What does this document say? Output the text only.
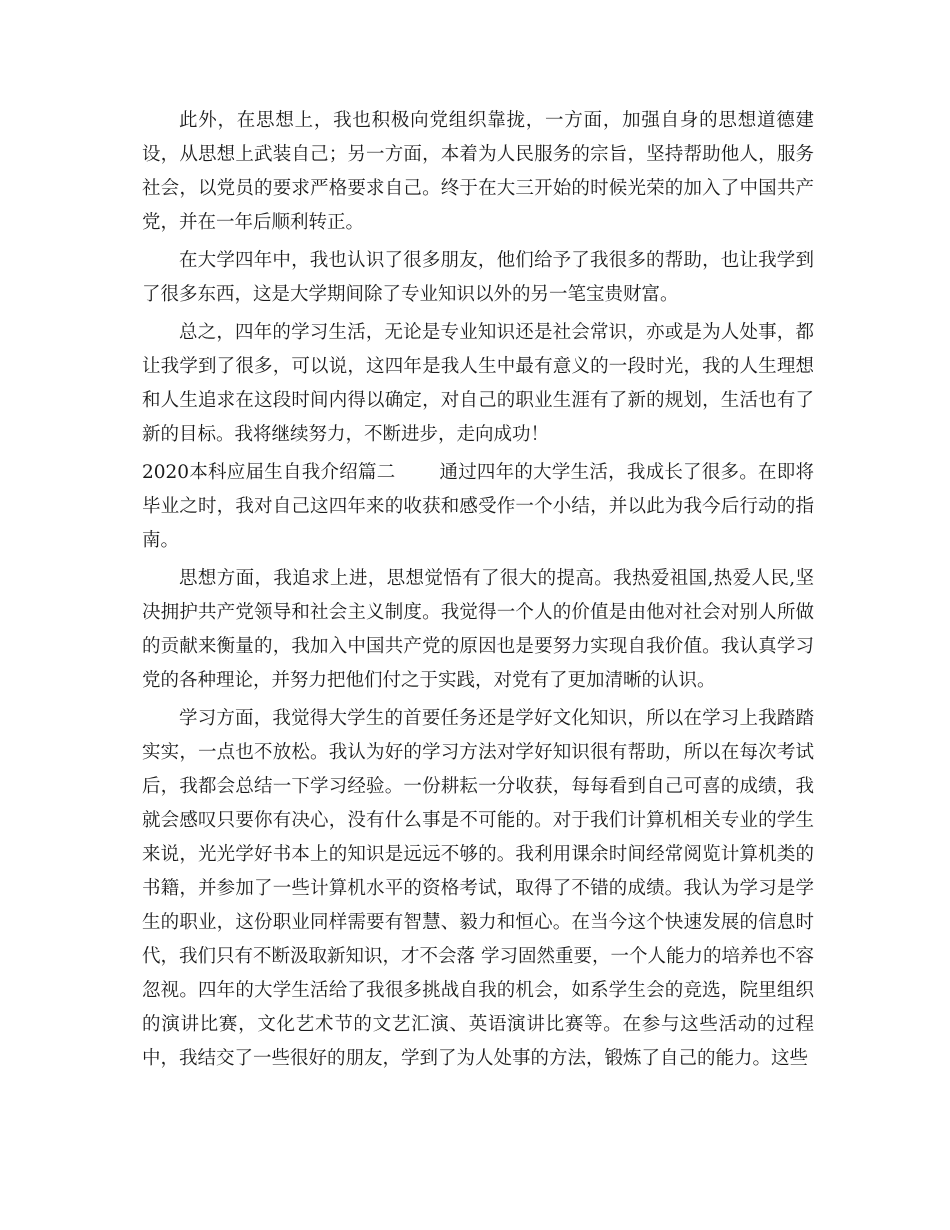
此外，在思想上，我也积极向党组织靠拢，一方面，加强自身的思想道德建设，从思想上武装自己；另一方面，本着为人民服务的宗旨，坚持帮助他人，服务社会，以党员的要求严格要求自己。终于在大三开始的时候光荣的加入了中国共产党，并在一年后顺利转正。

在大学四年中，我也认识了很多朋友，他们给予了我很多的帮助，也让我学到了很多东西，这是大学期间除了专业知识以外的另一笔宝贵财富。

总之，四年的学习生活，无论是专业知识还是社会常识，亦或是为人处事，都让我学到了很多，可以说，这四年是我人生中最有意义的一段时光，我的人生理想和人生追求在这段时间内得以确定，对自己的职业生涯有了新的规划，生活也有了新的目标。我将继续努力，不断进步，走向成功！

2020本科应届生自我介绍篇二 通过四年的大学生活，我成长了很多。在即将毕业之时，我对自己这四年来的收获和感受作一个小结，并以此为我今后行动的指南。

思想方面，我追求上进，思想觉悟有了很大的提高。我热爱祖国,热爱人民,坚决拥护共产党领导和社会主义制度。我觉得一个人的价值是由他对社会对别人所做的贡献来衡量的，我加入中国共产党的原因也是要努力实现自我价值。我认真学习党的各种理论，并努力把他们付之于实践，对党有了更加清晰的认识。

学习方面，我觉得大学生的首要任务还是学好文化知识，所以在学习上我踏踏实实，一点也不放松。我认为好的学习方法对学好知识很有帮助，所以在每次考试后，我都会总结一下学习经验。一份耕耘一分收获，每每看到自己可喜的成绩，我就会感叹只要你有决心，没有什么事是不可能的。对于我们计算机相关专业的学生来说，光光学好书本上的知识是远远不够的。我利用课余时间经常阅览计算机类的书籍，并参加了一些计算机水平的资格考试，取得了不错的成绩。我认为学习是学生的职业，这份职业同样需要有智慧、毅力和恒心。在当今这个快速发展的信息时代，我们只有不断汲取新知识，才不会落 学习固然重要，一个人能力的培养也不容忽视。四年的大学生活给了我很多挑战自我的机会，如系学生会的竞选，院里组织的演讲比赛，文化艺术节的文艺汇演、英语演讲比赛等。在参与这些活动的过程中，我结交了一些很好的朋友，学到了为人处事的方法，锻炼了自己的能力。这些
